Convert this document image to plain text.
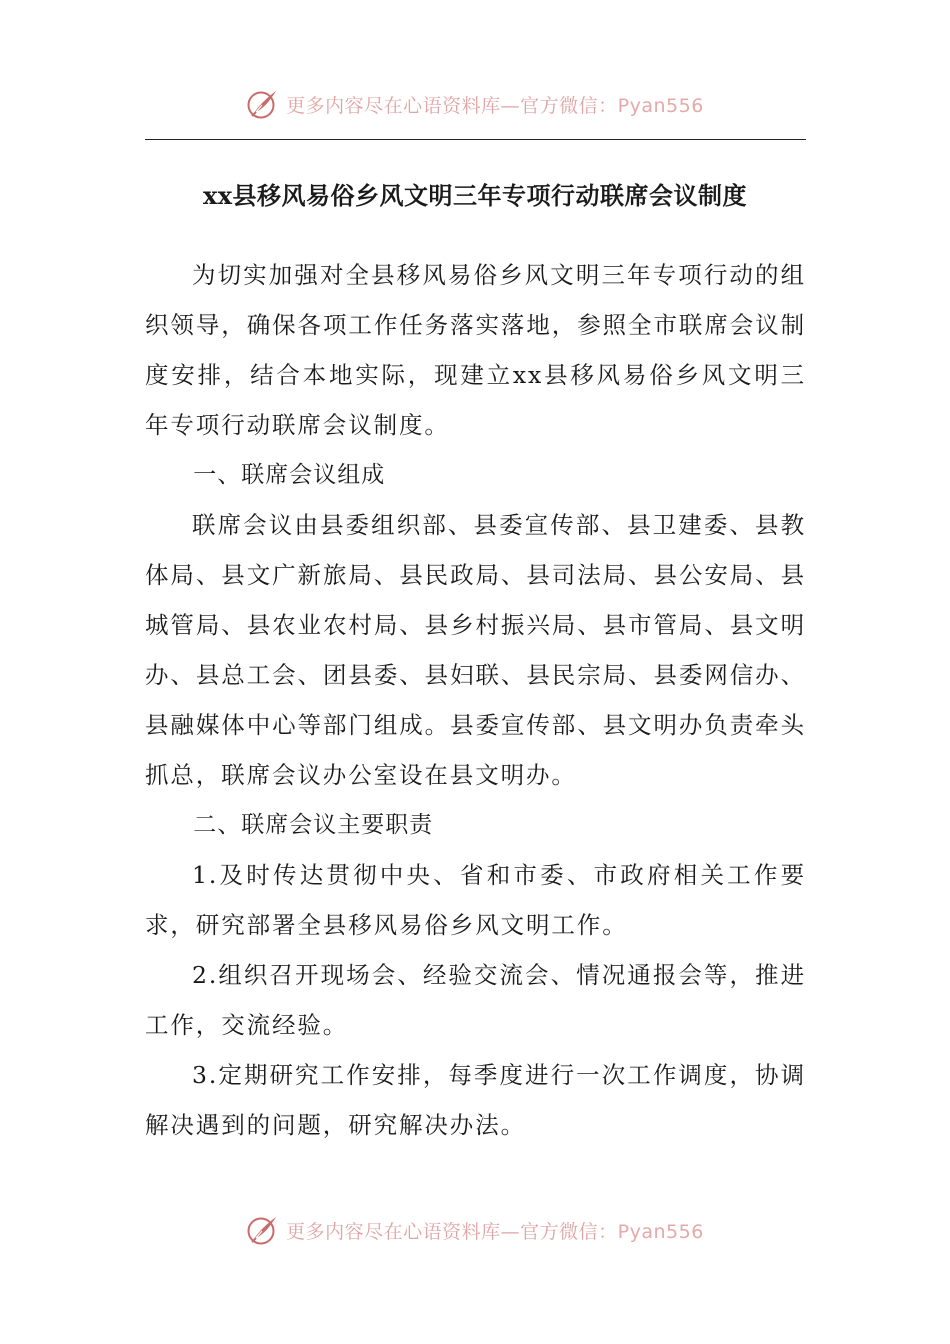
更多内容尽在心语资料库—官方微信：Pyan556
xx县移风易俗乡风文明三年专项行动联席会议制度

为切实加强对全县移风易俗乡风文明三年专项行动的组织领导，确保各项工作任务落实落地，参照全市联席会议制度安排，结合本地实际，现建立xx县移风易俗乡风文明三年专项行动联席会议制度。

一、联席会议组成

联席会议由县委组织部、县委宣传部、县卫建委、县教体局、县文广新旅局、县民政局、县司法局、县公安局、县城管局、县农业农村局、县乡村振兴局、县市管局、县文明办、县总工会、团县委、县妇联、县民宗局、县委网信办、县融媒体中心等部门组成。县委宣传部、县文明办负责牵头抓总，联席会议办公室设在县文明办。

二、联席会议主要职责

1.及时传达贯彻中央、省和市委、市政府相关工作要求，研究部署全县移风易俗乡风文明工作。

2.组织召开现场会、经验交流会、情况通报会等，推进工作，交流经验。

3.定期研究工作安排，每季度进行一次工作调度，协调解决遇到的问题，研究解决办法。

更多内容尽在心语资料库—官方微信：Pyan556
